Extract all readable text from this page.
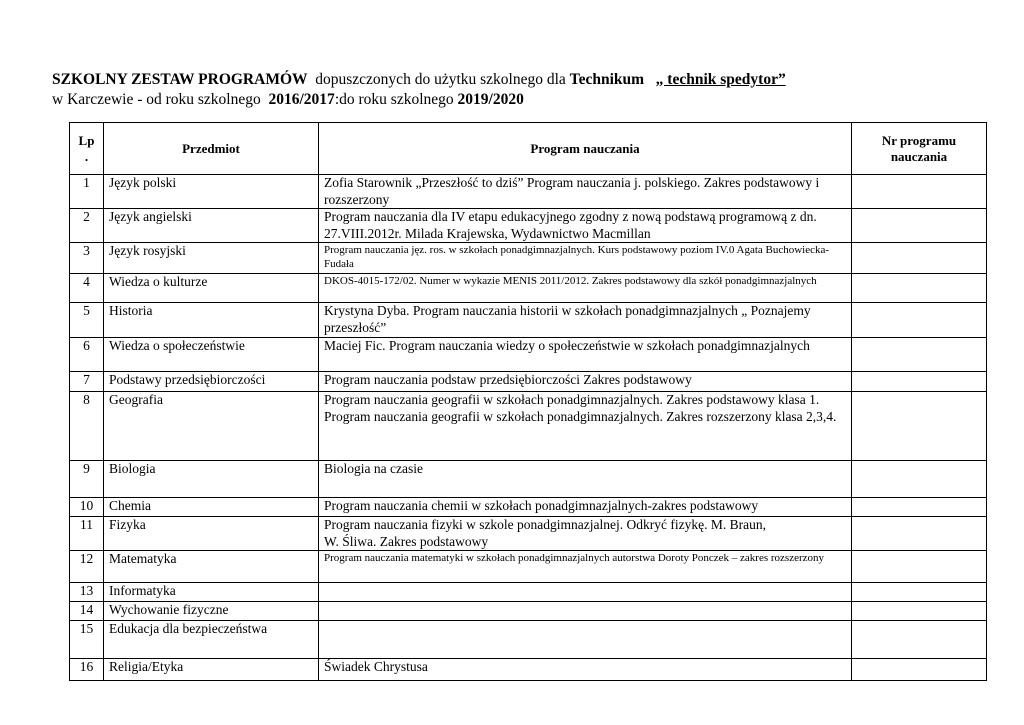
SZKOLNY ZESTAW PROGRAMÓW dopuszczonych do użytku szkolnego dla Technikum „ technik spedytor”
w Karczewie - od roku szkolnego 2016/2017:do roku szkolnego 2019/2020
Lp
.	Przedmiot	Program nauczania	Nr programu nauczania
1	Język polski	Zofia Starownik „Przeszłość to dziś” Program nauczania j. polskiego. Zakres podstawowy i rozszerzony	
2	Język angielski	Program nauczania dla IV etapu edukacyjnego zgodny z nową podstawą programową z dn. 27.VIII.2012r. Milada Krajewska, Wydawnictwo Macmillan	
3	Język rosyjski	Program nauczania jęz. ros. w szkołach ponadgimnazjalnych. Kurs podstawowy poziom IV.0 Agata Buchowiecka-Fudała	
4	Wiedza o kulturze	DKOS-4015-172/02. Numer w wykazie MENIS 2011/2012. Zakres podstawowy dla szkół ponadgimnazjalnych	
5	Historia	Krystyna Dyba. Program nauczania historii w szkołach ponadgimnazjalnych „ Poznajemy przeszłość”	
6	Wiedza o społeczeństwie	Maciej Fic. Program nauczania wiedzy o społeczeństwie w szkołach ponadgimnazjalnych	
7	Podstawy przedsiębiorczości	Program nauczania podstaw przedsiębiorczości Zakres podstawowy	
8	Geografia	Program nauczania geografii w szkołach ponadgimnazjalnych. Zakres podstawowy klasa 1.
Program nauczania geografii w szkołach ponadgimnazjalnych. Zakres rozszerzony klasa 2,3,4.	

9	Biologia	Biologia na czasie	
10	Chemia	Program nauczania chemii w szkołach ponadgimnazjalnych-zakres podstawowy	
11	Fizyka	Program nauczania fizyki w szkole ponadgimnazjalnej. Odkryć fizykę. M. Braun,
W. Śliwa. Zakres podstawowy	

12	Matematyka	Program nauczania matematyki w szkołach ponadgimnazjalnych autorstwa Doroty Ponczek – zakres rozszerzony	
13	Informatyka		
14	Wychowanie fizyczne		
15	Edukacja dla bezpieczeństwa		
16	Religia/Etyka	Świadek Chrystusa	
